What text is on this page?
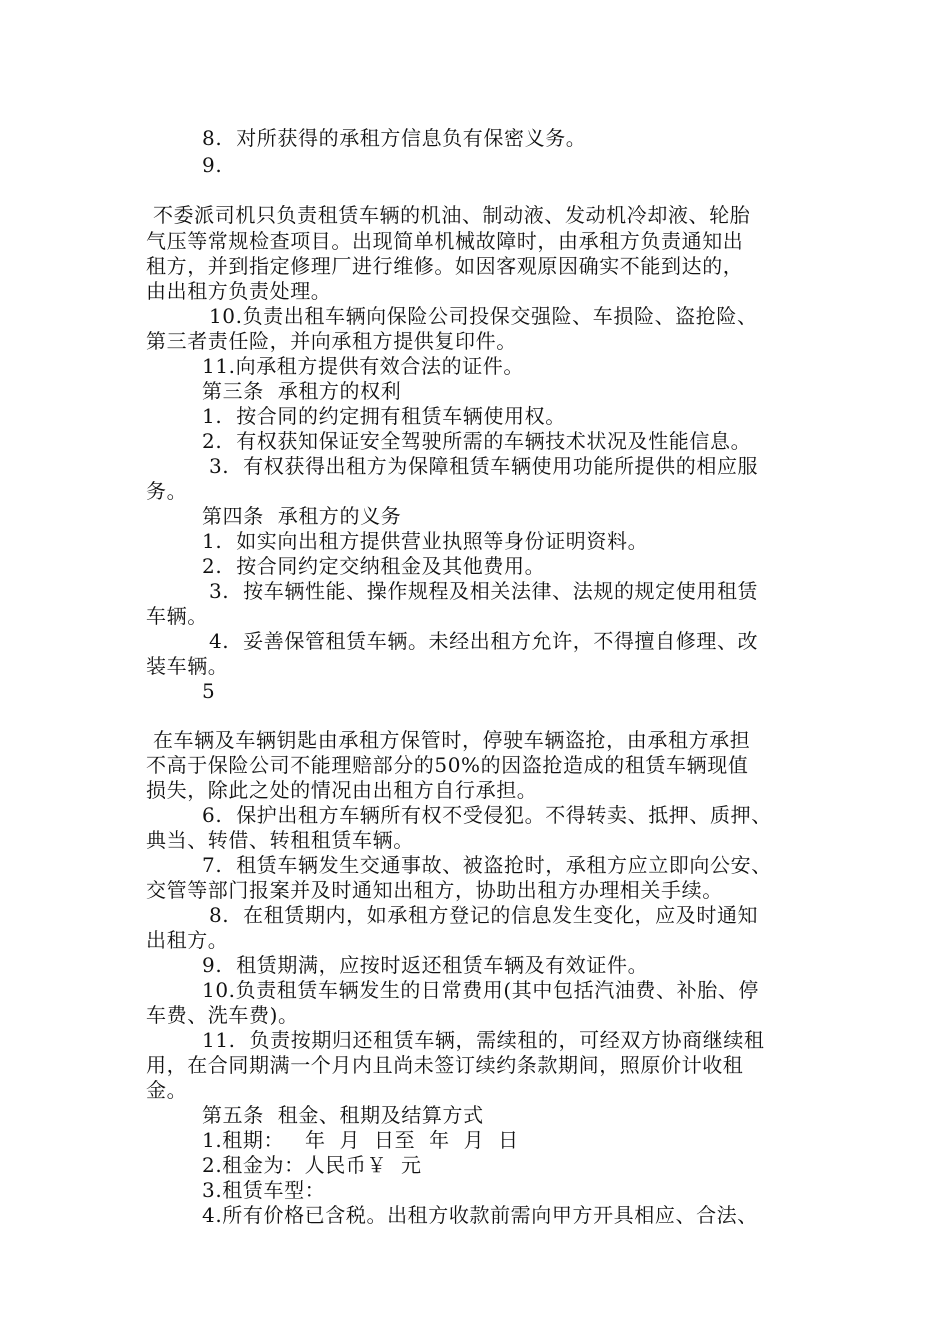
8.  对所获得的承租方信息负有保密义务。
9.
不委派司机只负责租赁车辆的机油、制动液、发动机冷却液、轮胎
气压等常规检查项目。出现简单机械故障时，由承租方负责通知出
租方，并到指定修理厂进行维修。如因客观原因确实不能到达的，
由出租方负责处理。
10.负责出租车辆向保险公司投保交强险、车损险、盗抢险、
第三者责任险，并向承租方提供复印件。
11.向承租方提供有效合法的证件。
第三条  承租方的权利
1.  按合同的约定拥有租赁车辆使用权。
2.  有权获知保证安全驾驶所需的车辆技术状况及性能信息。
3.  有权获得出租方为保障租赁车辆使用功能所提供的相应服
务。
第四条  承租方的义务
1.  如实向出租方提供营业执照等身份证明资料。
2.  按合同约定交纳租金及其他费用。
3.  按车辆性能、操作规程及相关法律、法规的规定使用租赁
车辆。
4.  妥善保管租赁车辆。未经出租方允许，不得擅自修理、改
装车辆。
5
在车辆及车辆钥匙由承租方保管时，停驶车辆盗抢，由承租方承担
不高于保险公司不能理赔部分的50%的因盗抢造成的租赁车辆现值
损失，除此之处的情况由出租方自行承担。
6.  保护出租方车辆所有权不受侵犯。不得转卖、抵押、质押、
典当、转借、转租租赁车辆。
7.  租赁车辆发生交通事故、被盗抢时，承租方应立即向公安、
交管等部门报案并及时通知出租方，协助出租方办理相关手续。
8.  在租赁期内，如承租方登记的信息发生变化，应及时通知
出租方。
9.  租赁期满，应按时返还租赁车辆及有效证件。
10.负责租赁车辆发生的日常费用(其中包括汽油费、补胎、停
车费、洗车费)。
11.  负责按期归还租赁车辆，需续租的，可经双方协商继续租
用，在合同期满一个月内且尚未签订续约条款期间，照原价计收租
金。
第五条  租金、租期及结算方式
1.租期：   年  月  日至  年  月  日
2.租金为：人民币￥  元
3.租赁车型：
4.所有价格已含税。出租方收款前需向甲方开具相应、合法、
